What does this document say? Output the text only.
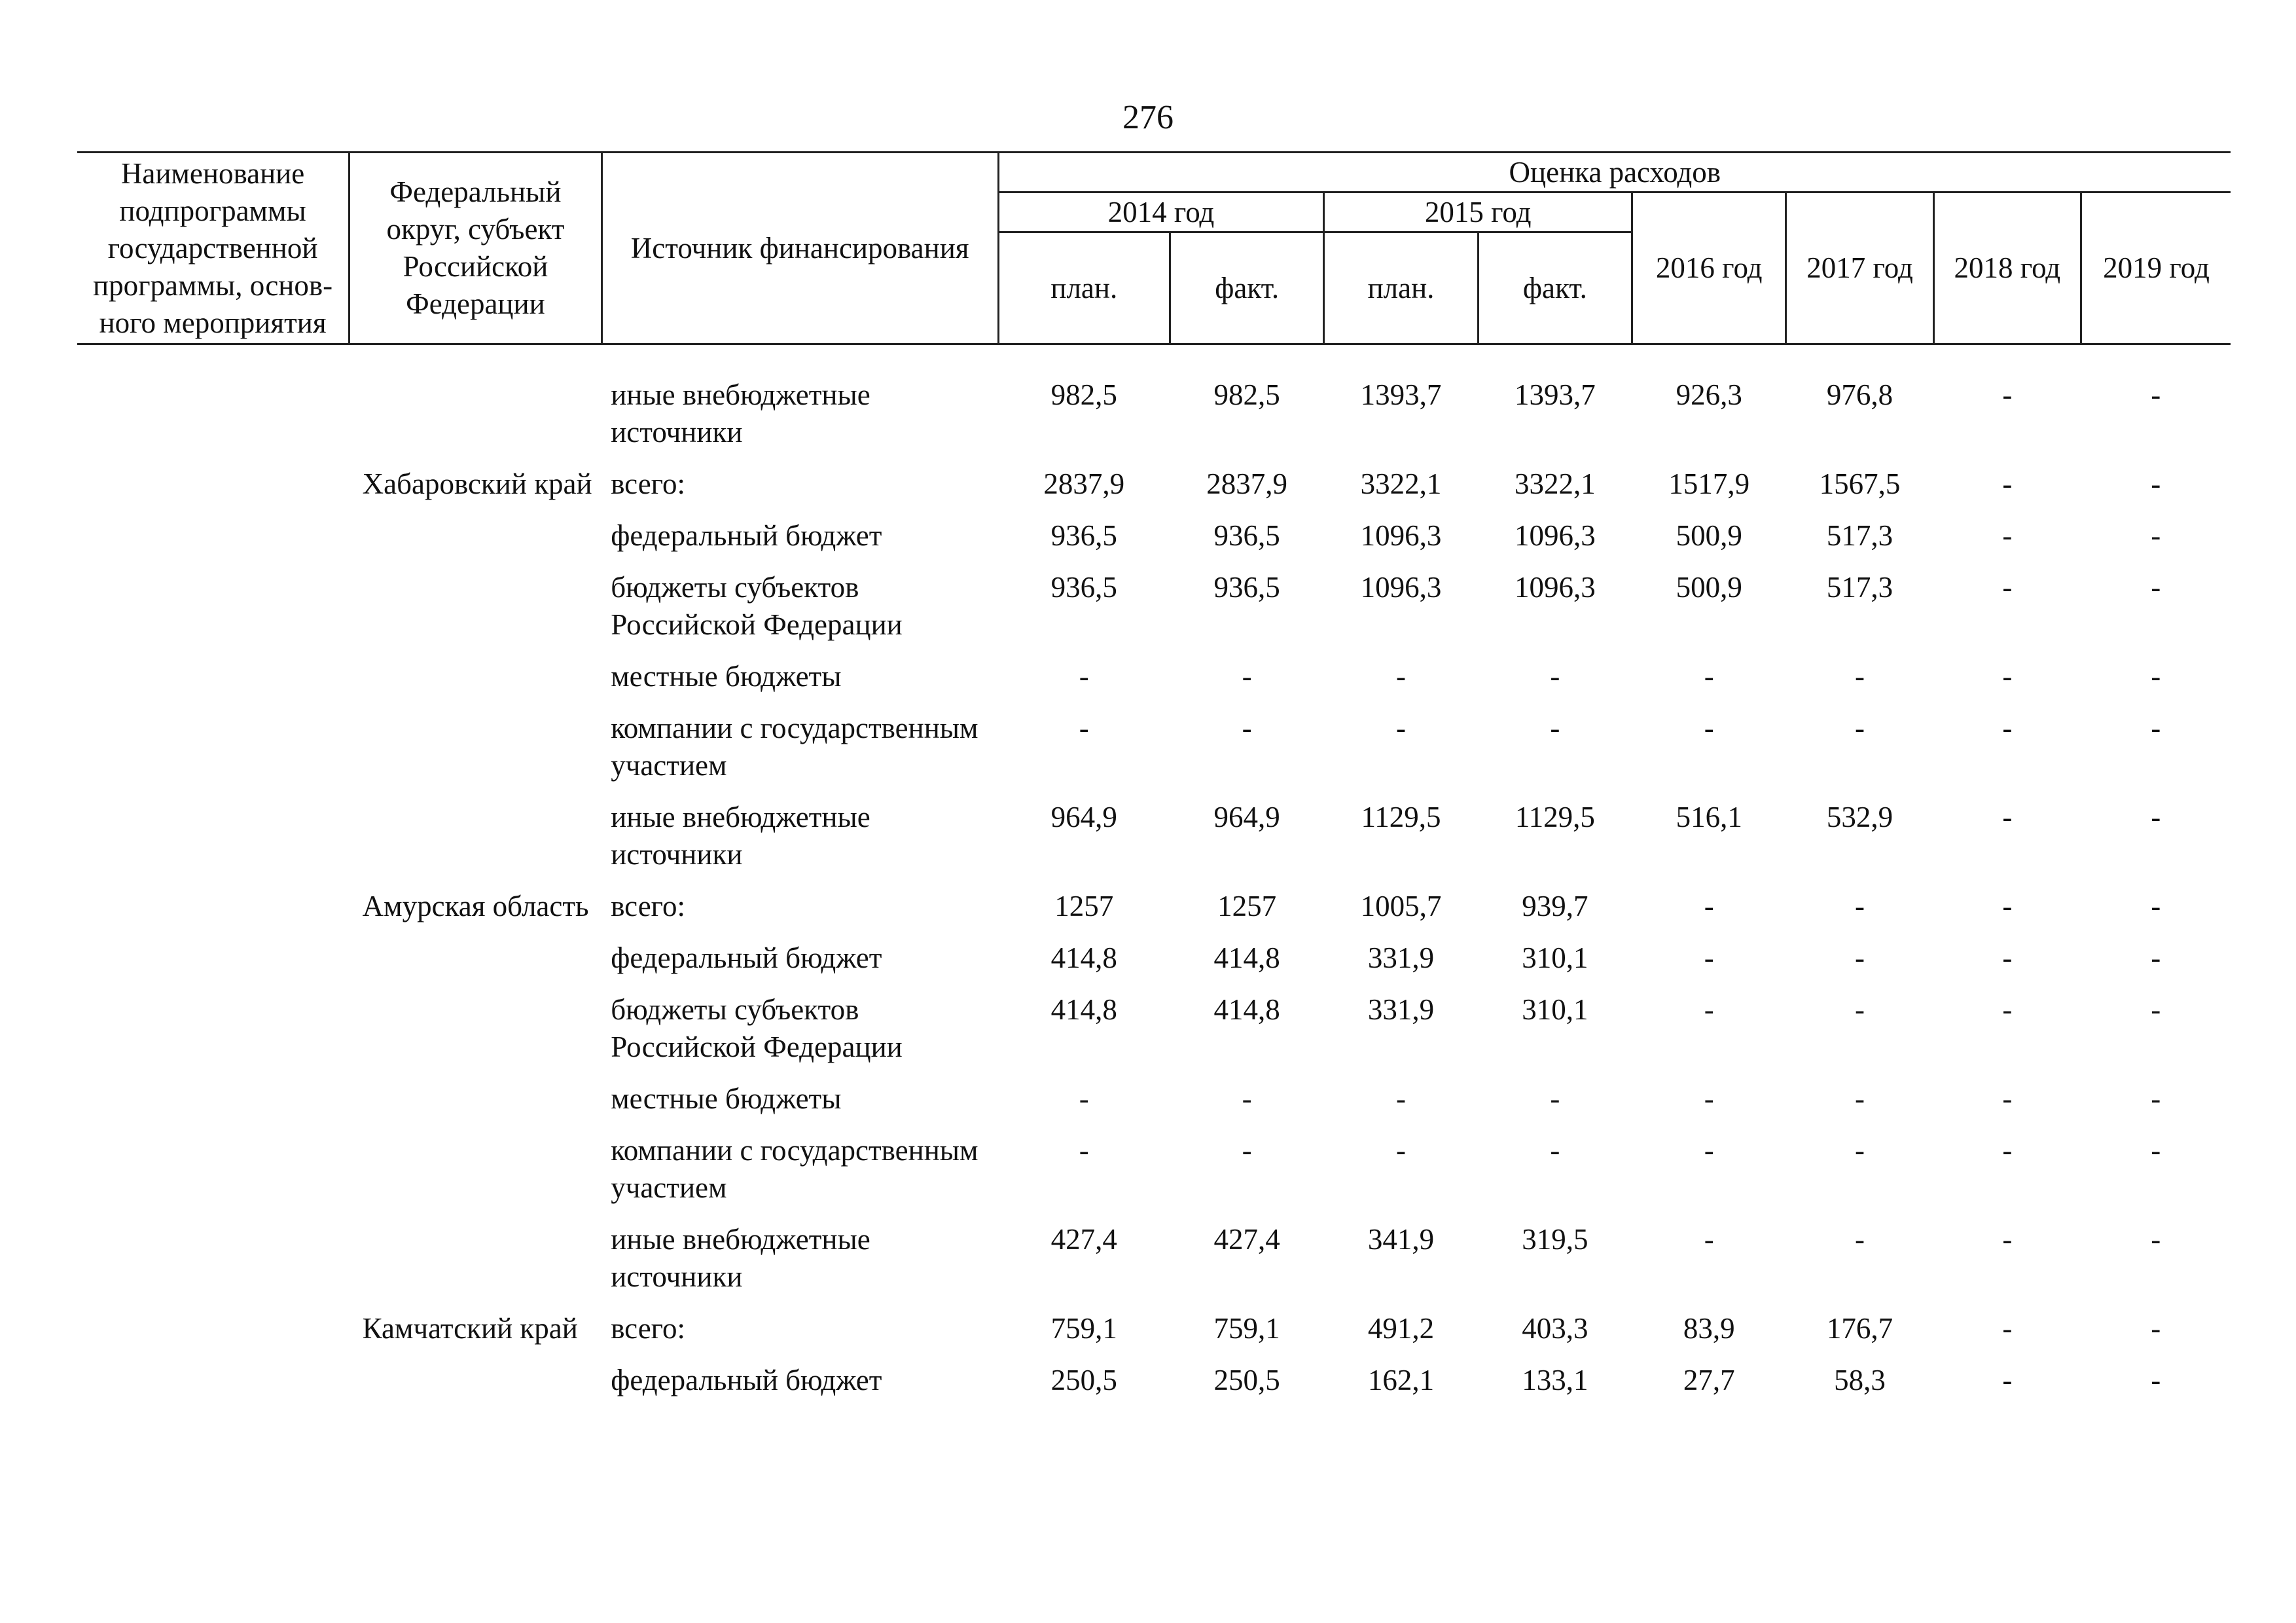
276
Наименование подпрограммы государственной программы, основ-ного мероприятия	Федеральный округ, субъект Российской Федерации	Источник финансирования	Оценка расходов							
			2014 год		2015 год		2016 год	2017 год	2018 год	2019 год
			план.	факт.	план.	факт.				

		иные внебюджетные источники	982,5	982,5	1393,7	1393,7	926,3	976,8	-	-
	Хабаровский край	всего:	2837,9	2837,9	3322,1	3322,1	1517,9	1567,5	-	-
		федеральный бюджет	936,5	936,5	1096,3	1096,3	500,9	517,3	-	-
		бюджеты субъектов Российской Федерации	936,5	936,5	1096,3	1096,3	500,9	517,3	-	-
		местные бюджеты	-	-	-	-	-	-	-	-
		компании с государственным участием	-	-	-	-	-	-	-	-
		иные внебюджетные источники	964,9	964,9	1129,5	1129,5	516,1	532,9	-	-
	Амурская область	всего:	1257	1257	1005,7	939,7	-	-	-	-
		федеральный бюджет	414,8	414,8	331,9	310,1	-	-	-	-
		бюджеты субъектов Российской Федерации	414,8	414,8	331,9	310,1	-	-	-	-
		местные бюджеты	-	-	-	-	-	-	-	-
		компании с государственным участием	-	-	-	-	-	-	-	-
		иные внебюджетные источники	427,4	427,4	341,9	319,5	-	-	-	-
	Камчатский край	всего:	759,1	759,1	491,2	403,3	83,9	176,7	-	-
		федеральный бюджет	250,5	250,5	162,1	133,1	27,7	58,3	-	-
